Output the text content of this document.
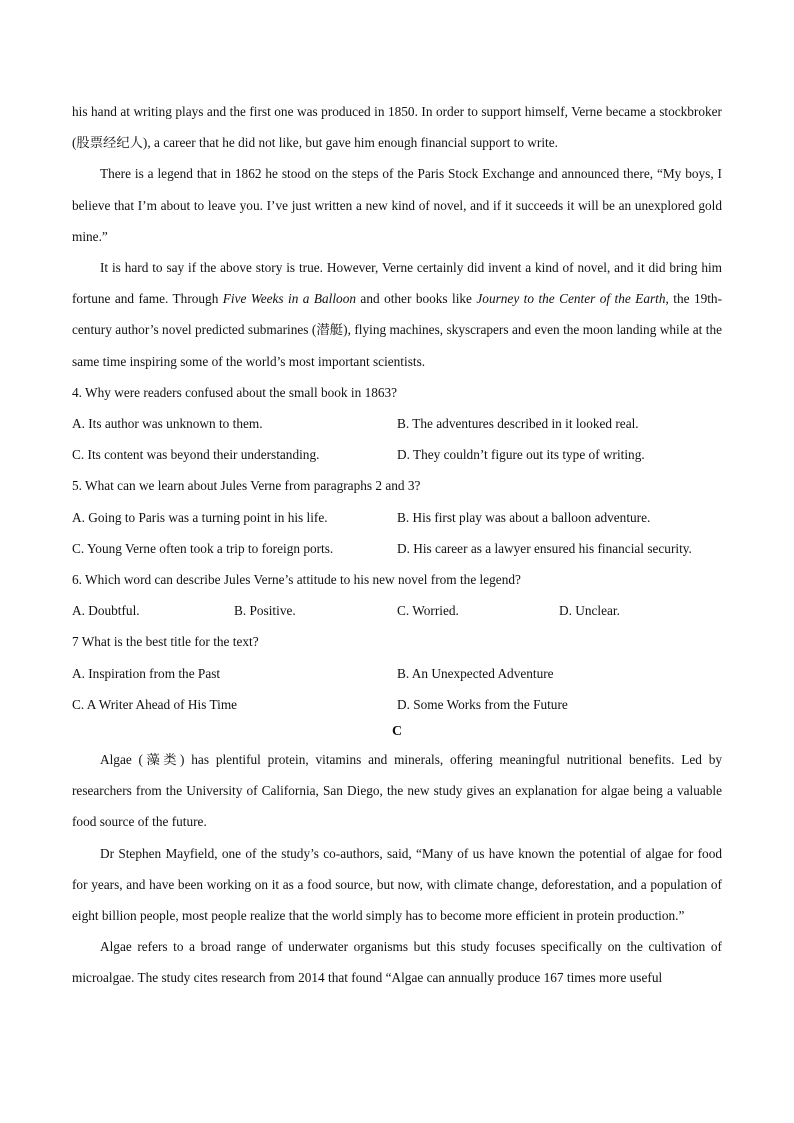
his hand at writing plays and the first one was produced in 1850. In order to support himself, Verne became a stockbroker (股票经纪人), a career that he did not like, but gave him enough financial support to write.

There is a legend that in 1862 he stood on the steps of the Paris Stock Exchange and announced there, “My boys, I believe that I’m about to leave you. I’ve just written a new kind of novel, and if it succeeds it will be an unexplored gold mine.”

It is hard to say if the above story is true. However, Verne certainly did invent a kind of novel, and it did bring him fortune and fame. Through Five Weeks in a Balloon and other books like Journey to the Center of the Earth, the 19th-century author’s novel predicted submarines (潜艇), flying machines, skyscrapers and even the moon landing while at the same time inspiring some of the world’s most important scientists.

4. Why were readers confused about the small book in 1863?
A. Its author was unknown to them.	B. The adventures described in it looked real.
C. Its content was beyond their understanding.	D. They couldn’t figure out its type of writing.
5. What can we learn about Jules Verne from paragraphs 2 and 3?
A. Going to Paris was a turning point in his life.	B. His first play was about a balloon adventure.
C. Young Verne often took a trip to foreign ports.	D. His career as a lawyer ensured his financial security.
6. Which word can describe Jules Verne’s attitude to his new novel from the legend?
A. Doubtful.	B. Positive.	C. Worried.	D. Unclear.
7 What is the best title for the text?
A. Inspiration from the Past	B. An Unexpected Adventure
C. A Writer Ahead of His Time	D. Some Works from the Future
C

Algae (藻类) has plentiful protein, vitamins and minerals, offering meaningful nutritional benefits. Led by researchers from the University of California, San Diego, the new study gives an explanation for algae being a valuable food source of the future.

Dr Stephen Mayfield, one of the study’s co-authors, said, “Many of us have known the potential of algae for food for years, and have been working on it as a food source, but now, with climate change, deforestation, and a population of eight billion people, most people realize that the world simply has to become more efficient in protein production.”

Algae refers to a broad range of underwater organisms but this study focuses specifically on the cultivation of microalgae. The study cites research from 2014 that found “Algae can annually produce 167 times more useful
